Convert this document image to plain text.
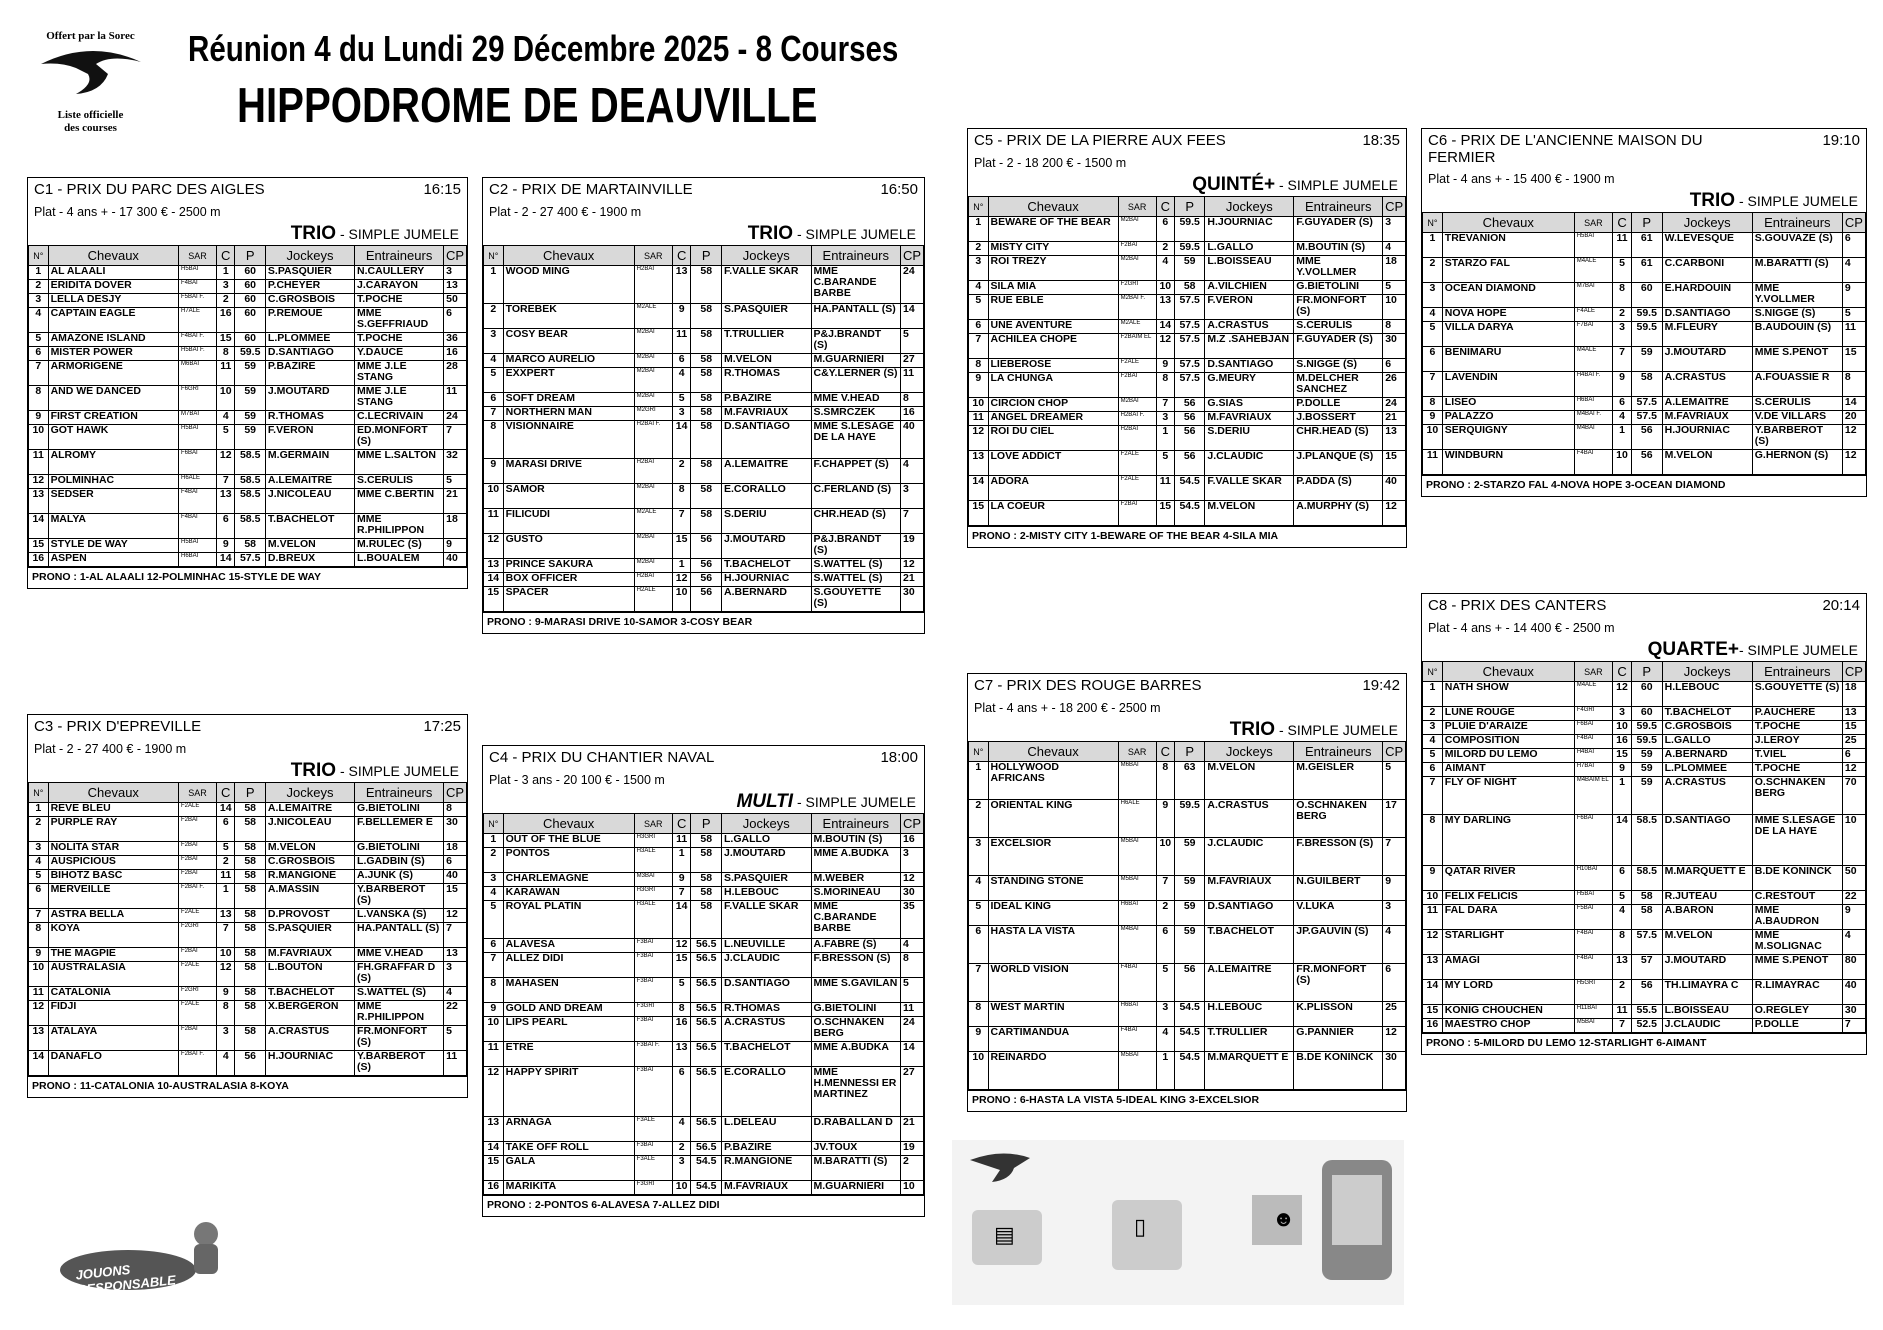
Offert par la Sorec
Liste officielle
des courses
Réunion 4 du Lundi 29 Décembre 2025 - 8 Courses
HIPPODROME DE DEAUVILLE
C1 - PRIX DU PARC DES AIGLES	16:15
Plat - 4 ans + - 17 300 € - 2500 m
TRIO - SIMPLE JUMELE
N°	Chevaux	SAR	C	P	Jockeys	Entraineurs	CP
1	AL ALAALI	H5BAI	1	60	S.PASQUIER	N.CAULLERY	3
2	ERIDITA DOVER	F4BAI	3	60	P.CHEYER	J.CARAYON	13
3	LELLA DESJY	F5BAI F.	2	60	C.GROSBOIS	T.POCHE	50
4	CAPTAIN EAGLE	H7ALE	16	60	P.REMOUE	MME S.GEFFRIAUD	6
5	AMAZONE ISLAND	F4BAI F.	15	60	L.PLOMMEE	T.POCHE	36
6	MISTER POWER	H5BAI F.	8	59.5	D.SANTIAGO	Y.DAUCE	16
7	ARMORIGENE	M6BAI	11	59	P.BAZIRE	MME J.LE STANG	28
8	AND WE DANCED	F6GRI	10	59	J.MOUTARD	MME J.LE STANG	11
9	FIRST CREATION	M7BAI	4	59	R.THOMAS	C.LECRIVAIN	24
10	GOT HAWK	H5BAI	5	59	F.VERON	ED.MONFORT (S)	7
11	ALROMY	F6BAI	12	58.5	M.GERMAIN	MME L.SALTON	32
12	POLMINHAC	H6ALE	7	58.5	A.LEMAITRE	S.CERULIS	5
13	SEDSER	F4BAI	13	58.5	J.NICOLEAU	MME C.BERTIN	21
14	MALYA	F4BAI	6	58.5	T.BACHELOT	MME R.PHILIPPON	18
15	STYLE DE WAY	H5BAI	9	58	M.VELON	M.RULEC (S)	9
16	ASPEN	H6BAI	14	57.5	D.BREUX	L.BOUALEM	40
PRONO : 1-AL ALAALI 12-POLMINHAC 15-STYLE DE WAY
C2 - PRIX DE MARTAINVILLE	16:50
Plat - 2 - 27 400 € - 1900 m
TRIO - SIMPLE JUMELE
N°	Chevaux	SAR	C	P	Jockeys	Entraineurs	CP
1	WOOD MING	H2BAI	13	58	F.VALLE SKAR	MME C.BARANDE BARBE	24
2	TOREBEK	M2ALE	9	58	S.PASQUIER	HA.PANTALL (S)	14
3	COSY BEAR	M2BAI	11	58	T.TRULLIER	P&J.BRANDT (S)	5
4	MARCO AURELIO	M2BAI	6	58	M.VELON	M.GUARNIERI	27
5	EXXPERT	M2BAI	4	58	R.THOMAS	C&Y.LERNER (S)	11
6	SOFT DREAM	M2BAI	5	58	P.BAZIRE	MME V.HEAD	8
7	NORTHERN MAN	M2GRI	3	58	M.FAVRIAUX	S.SMRCZEK	16
8	VISIONNAIRE	H2BAI F.	14	58	D.SANTIAGO	MME S.LESAGE DE LA HAYE	40
9	MARASI DRIVE	H2BAI	2	58	A.LEMAITRE	F.CHAPPET (S)	4
10	SAMOR	M2BAI	8	58	E.CORALLO	C.FERLAND (S)	3
11	FILICUDI	M2ALE	7	58	S.DERIU	CHR.HEAD (S)	7
12	GUSTO	M2BAI	15	56	J.MOUTARD	P&J.BRANDT (S)	19
13	PRINCE SAKURA	M2BAI	1	56	T.BACHELOT	S.WATTEL (S)	12
14	BOX OFFICER	H2BAI	12	56	H.JOURNIAC	S.WATTEL (S)	21
15	SPACER	H2ALE	10	56	A.BERNARD	S.GOUYETTE (S)	30
PRONO : 9-MARASI DRIVE 10-SAMOR 3-COSY BEAR
C3 - PRIX D'EPREVILLE	17:25
Plat - 2 - 27 400 € - 1900 m
TRIO - SIMPLE JUMELE
N°	Chevaux	SAR	C	P	Jockeys	Entraineurs	CP
1	REVE BLEU	F2ALE	14	58	A.LEMAITRE	G.BIETOLINI	8
2	PURPLE RAY	F2BAI	6	58	J.NICOLEAU	F.BELLEMER E	30
3	NOLITA STAR	F2BAI	5	58	M.VELON	G.BIETOLINI	18
4	AUSPICIOUS	F2BAI	2	58	C.GROSBOIS	L.GADBIN (S)	6
5	BIHOTZ BASC	F2BAI	11	58	R.MANGIONE	A.JUNK (S)	40
6	MERVEILLE	F2BAI F.	1	58	A.MASSIN	Y.BARBEROT (S)	15
7	ASTRA BELLA	F2ALE	13	58	D.PROVOST	L.VANSKA (S)	12
8	KOYA	F2GRI	7	58	S.PASQUIER	HA.PANTALL (S)	7
9	THE MAGPIE	F2BAI	10	58	M.FAVRIAUX	MME V.HEAD	13
10	AUSTRALASIA	F2ALE	12	58	L.BOUTON	FH.GRAFFAR D (S)	3
11	CATALONIA	F2GRI	9	58	T.BACHELOT	S.WATTEL (S)	4
12	FIDJI	F2ALE	8	58	X.BERGERON	MME R.PHILIPPON	22
13	ATALAYA	F2BAI	3	58	A.CRASTUS	FR.MONFORT (S)	5
14	DANAFLO	F2BAI F.	4	56	H.JOURNIAC	Y.BARBEROT (S)	11
PRONO : 11-CATALONIA 10-AUSTRALASIA 8-KOYA
C4 - PRIX DU CHANTIER NAVAL	18:00
Plat - 3 ans - 20 100 € - 1500 m
MULTI - SIMPLE JUMELE
N°	Chevaux	SAR	C	P	Jockeys	Entraineurs	CP
1	OUT OF THE BLUE	H3GRI	11	58	L.GALLO	M.BOUTIN (S)	16
2	PONTOS	H3ALE	1	58	J.MOUTARD	MME A.BUDKA	3
3	CHARLEMAGNE	M3BAI	9	58	S.PASQUIER	M.WEBER	12
4	KARAWAN	H3GRI	7	58	H.LEBOUC	S.MORINEAU	30
5	ROYAL PLATIN	H3ALE	14	58	F.VALLE SKAR	MME C.BARANDE BARBE	35
6	ALAVESA	F3BAI	12	56.5	L.NEUVILLE	A.FABRE (S)	4
7	ALLEZ DIDI	F3BAI	15	56.5	J.CLAUDIC	F.BRESSON (S)	8
8	MAHASEN	F3BAI	5	56.5	D.SANTIAGO	MME S.GAVILAN	5
9	GOLD AND DREAM	F3GRI	8	56.5	R.THOMAS	G.BIETOLINI	11
10	LIPS PEARL	F3BAI	16	56.5	A.CRASTUS	O.SCHNAKEN BERG	24
11	ETRE	F3BAI F.	13	56.5	T.BACHELOT	MME A.BUDKA	14
12	HAPPY SPIRIT	F3BAI	6	56.5	E.CORALLO	MME H.MENNESSI ER MARTINEZ	27
13	ARNAGA	F3ALE	4	56.5	L.DELEAU	D.RABALLAN D	21
14	TAKE OFF ROLL	F3BAI	2	56.5	P.BAZIRE	JV.TOUX	19
15	GALA	F3ALE	3	54.5	R.MANGIONE	M.BARATTI (S)	2
16	MARIKITA	F3GRI	10	54.5	M.FAVRIAUX	M.GUARNIERI	10
PRONO : 2-PONTOS 6-ALAVESA 7-ALLEZ DIDI
C5 - PRIX DE LA PIERRE AUX FEES	18:35
Plat - 2 - 18 200 € - 1500 m
QUINTÉ+ - SIMPLE JUMELE
N°	Chevaux	SAR	C	P	Jockeys	Entraineurs	CP
1	BEWARE OF THE BEAR	M2BAI	6	59.5	H.JOURNIAC	F.GUYADER (S)	3
2	MISTY CITY	F2BAI	2	59.5	L.GALLO	M.BOUTIN (S)	4
3	ROI TREZY	M2BAI	4	59	L.BOISSEAU	MME Y.VOLLMER	18
4	SILA MIA	F2GRI	10	58	A.VILCHIEN	G.BIETOLINI	5
5	RUE EBLE	M2BAI F.	13	57.5	F.VERON	FR.MONFORT (S)	10
6	UNE AVENTURE	M2ALE	14	57.5	A.CRASTUS	S.CERULIS	8
7	ACHILEA CHOPE	F2BAIM EL	12	57.5	M.Z .SAHEBJAN	F.GUYADER (S)	30
8	LIEBEROSE	F2ALE	9	57.5	D.SANTIAGO	S.NIGGE (S)	6
9	LA CHUNGA	F2BAI	8	57.5	G.MEURY	M.DELCHER SANCHEZ	26
10	CIRCION CHOP	M2BAI	7	56	G.SIAS	P.DOLLE	24
11	ANGEL DREAMER	H2BAI F.	3	56	M.FAVRIAUX	J.BOSSERT	21
12	ROI DU CIEL	H2BAI	1	56	S.DERIU	CHR.HEAD (S)	13
13	LOVE ADDICT	F2ALE	5	56	J.CLAUDIC	J.PLANQUE (S)	15
14	ADORA	F2ALE	11	54.5	F.VALLE SKAR	P.ADDA (S)	40
15	LA COEUR	F2BAI	15	54.5	M.VELON	A.MURPHY (S)	12
PRONO : 2-MISTY CITY 1-BEWARE OF THE BEAR 4-SILA MIA
C6 - PRIX DE L'ANCIENNE MAISON DU FERMIER
19:10
Plat - 4 ans + - 15 400 € - 1900 m
TRIO - SIMPLE JUMELE
N°	Chevaux	SAR	C	P	Jockeys	Entraineurs	CP
1	TREVANION	H5BAI	11	61	W.LEVESQUE	S.GOUVAZE (S)	6
2	STARZO FAL	M4ALE	5	61	C.CARBONI	M.BARATTI (S)	4
3	OCEAN DIAMOND	M7BAI	8	60	E.HARDOUIN	MME Y.VOLLMER	9
4	NOVA HOPE	F4ALE	2	59.5	D.SANTIAGO	S.NIGGE (S)	5
5	VILLA DARYA	F7BAI	3	59.5	M.FLEURY	B.AUDOUIN (S)	11
6	BENIMARU	M4ALE	7	59	J.MOUTARD	MME S.PENOT	15
7	LAVENDIN	H4BAI F.	9	58	A.CRASTUS	A.FOUASSIE R	8
8	LISEO	H6BAI	6	57.5	A.LEMAITRE	S.CERULIS	14
9	PALAZZO	M4BAI F.	4	57.5	M.FAVRIAUX	V.DE VILLARS	20
10	SERQUIGNY	M4BAI	1	56	H.JOURNIAC	Y.BARBEROT (S)	12
11	WINDBURN	F4BAI	10	56	M.VELON	G.HERNON (S)	12
PRONO : 2-STARZO FAL 4-NOVA HOPE 3-OCEAN DIAMOND
C7 - PRIX DES ROUGE BARRES	19:42
Plat - 4 ans + - 18 200 € - 2500 m
TRIO - SIMPLE JUMELE
N°	Chevaux	SAR	C	P	Jockeys	Entraineurs	CP
1	HOLLYWOOD AFRICANS	M6BAI	8	63	M.VELON	M.GEISLER	5
2	ORIENTAL KING	H6ALE	9	59.5	A.CRASTUS	O.SCHNAKEN BERG	17
3	EXCELSIOR	M5BAI	10	59	J.CLAUDIC	F.BRESSON (S)	7
4	STANDING STONE	M5BAI	7	59	M.FAVRIAUX	N.GUILBERT	9
5	IDEAL KING	H6BAI	2	59	D.SANTIAGO	V.LUKA	3
6	HASTA LA VISTA	M4BAI	6	59	T.BACHELOT	JP.GAUVIN (S)	4
7	WORLD VISION	F4BAI	5	56	A.LEMAITRE	FR.MONFORT (S)	6
8	WEST MARTIN	H6BAI	3	54.5	H.LEBOUC	K.PLISSON	25
9	CARTIMANDUA	F4BAI	4	54.5	T.TRULLIER	G.PANNIER	12
10	REINARDO	M5BAI	1	54.5	M.MARQUETT E	B.DE KONINCK	30
PRONO : 6-HASTA LA VISTA 5-IDEAL KING 3-EXCELSIOR
C8 - PRIX DES CANTERS	20:14
Plat - 4 ans + - 14 400 € - 2500 m
QUARTE+- SIMPLE JUMELE
N°	Chevaux	SAR	C	P	Jockeys	Entraineurs	CP
1	NATH SHOW	M4ALE	12	60	H.LEBOUC	S.GOUYETTE (S)	18
2	LUNE ROUGE	F4GRI	3	60	T.BACHELOT	P.AUCHERE	13
3	PLUIE D'ARAIZE	F6BAI	10	59.5	C.GROSBOIS	T.POCHE	15
4	COMPOSITION	F4BAI	16	59.5	L.GALLO	J.LEROY	25
5	MILORD DU LEMO	H4BAI	15	59	A.BERNARD	T.VIEL	6
6	AIMANT	H7BAI	9	59	L.PLOMMEE	T.POCHE	12
7	FLY OF NIGHT	M4BAIM EL	1	59	A.CRASTUS	O.SCHNAKEN BERG	70
8	MY DARLING	F6BAI	14	58.5	D.SANTIAGO	MME S.LESAGE DE LA HAYE	10
9	QATAR RIVER	H10BAI	6	58.5	M.MARQUETT E	B.DE KONINCK	50
10	FELIX FELICIS	H5BAI	5	58	R.JUTEAU	C.RESTOUT	22
11	FAL DARA	F5BAI	4	58	A.BARON	MME A.BAUDRON	9
12	STARLIGHT	F4BAI	8	57.5	M.VELON	MME M.SOLIGNAC	4
13	AMAGI	F4BAI	13	57	J.MOUTARD	MME S.PENOT	80
14	MY LORD	H5GRI	2	56	TH.LIMAYRA C	R.LIMAYRAC	40
15	KONIG CHOUCHEN	H11BAI	11	55.5	L.BOISSEAU	O.REGLEY	30
16	MAESTRO CHOP	M5BAI	7	52.5	J.CLAUDIC	P.DOLLE	7
PRONO : 5-MILORD DU LEMO 12-STARLIGHT 6-AIMANT
JOUONS RESPONSABLE
▤	▯	☻
